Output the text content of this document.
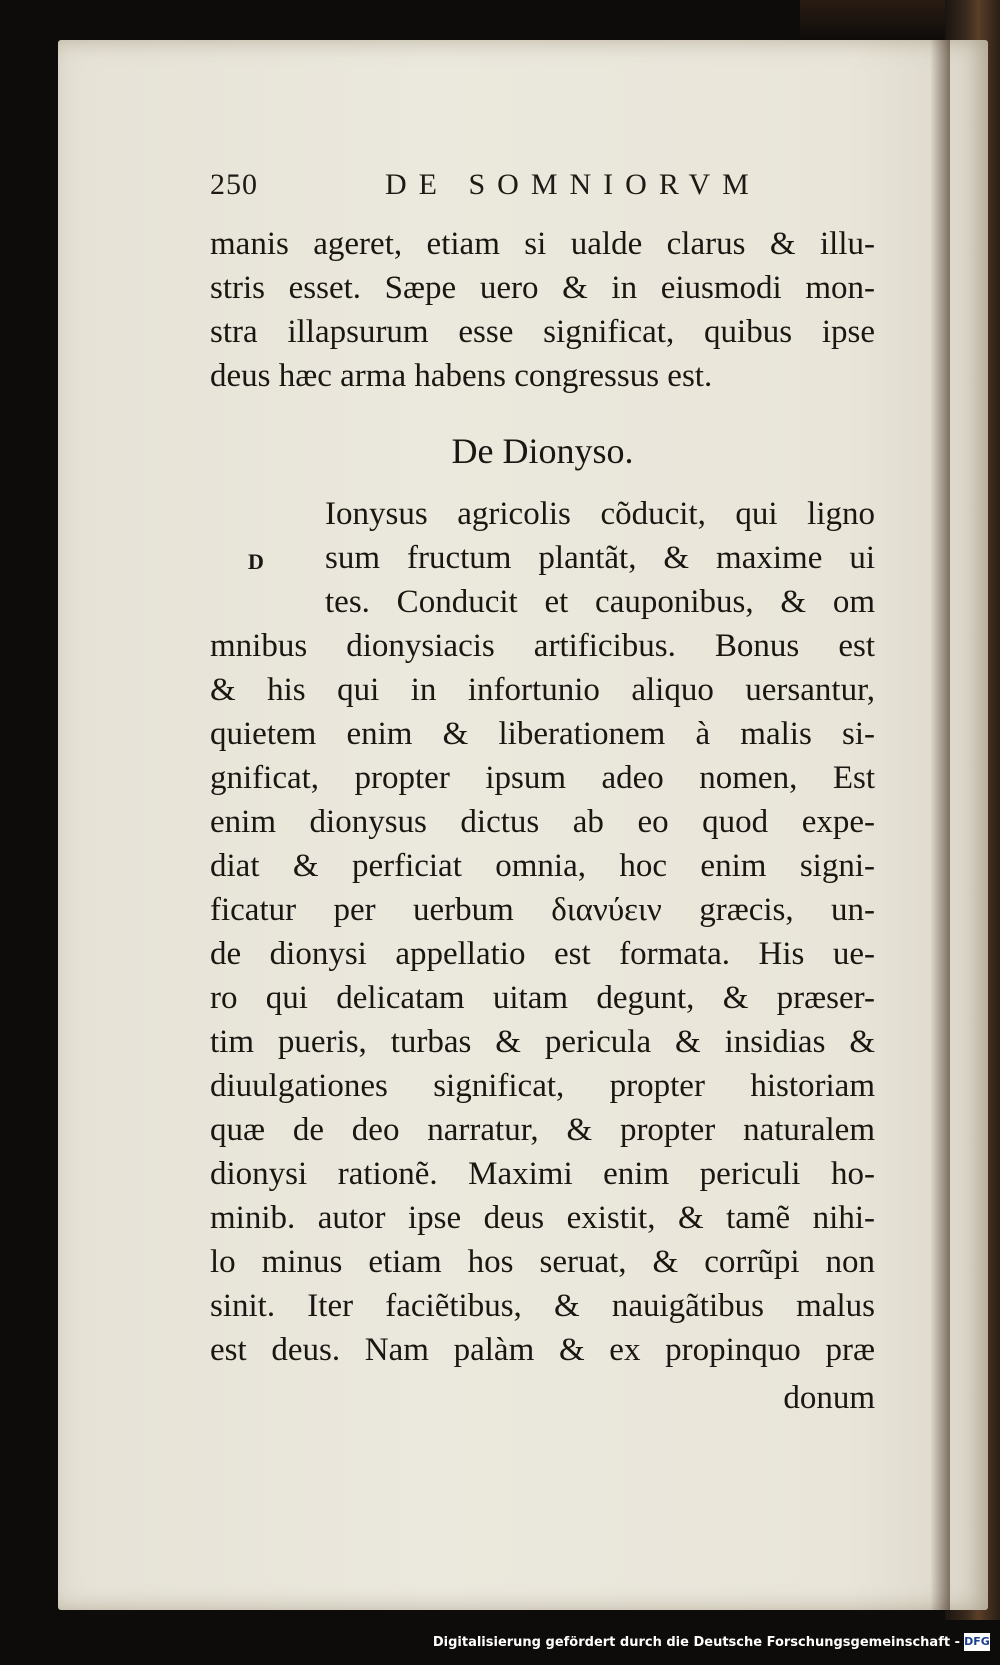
250	DE SOMNIORVM
manis ageret, etiam si ualde clarus & illu-
stris esset. Sæpe uero & in eiusmodi mon-
stra illapsurum esse significat, quibus ipse
deus hæc arma habens congressus est.
De Dionyso.
D
Ionysus agricolis cõducit, qui ligno
sum fructum plantãt, & maxime ui
tes. Conducit et cauponibus, & om
mnibus dionysiacis artificibus. Bonus est
& his qui in infortunio aliquo uersantur,
quietem enim & liberationem à malis si-
gnificat, propter ipsum adeo nomen, Est
enim dionysus dictus ab eo quod expe-
diat & perficiat omnia, hoc enim signi-
ficatur per uerbum διανύειν græcis, un-
de dionysi appellatio est formata. His ue-
ro qui delicatam uitam degunt, & præser-
tim pueris, turbas & pericula & insidias &
diuulgationes significat, propter historiam
quæ de deo narratur, & propter naturalem
dionysi rationẽ. Maximi enim periculi ho-
minib. autor ipse deus existit, & tamẽ nihi-
lo minus etiam hos seruat, & corrũpi non
sinit. Iter faciẽtibus, & nauigãtibus malus
est deus. Nam palàm & ex propinquo præ
donum
Digitalisierung gefördert durch die Deutsche Forschungsgemeinschaft - DFG
